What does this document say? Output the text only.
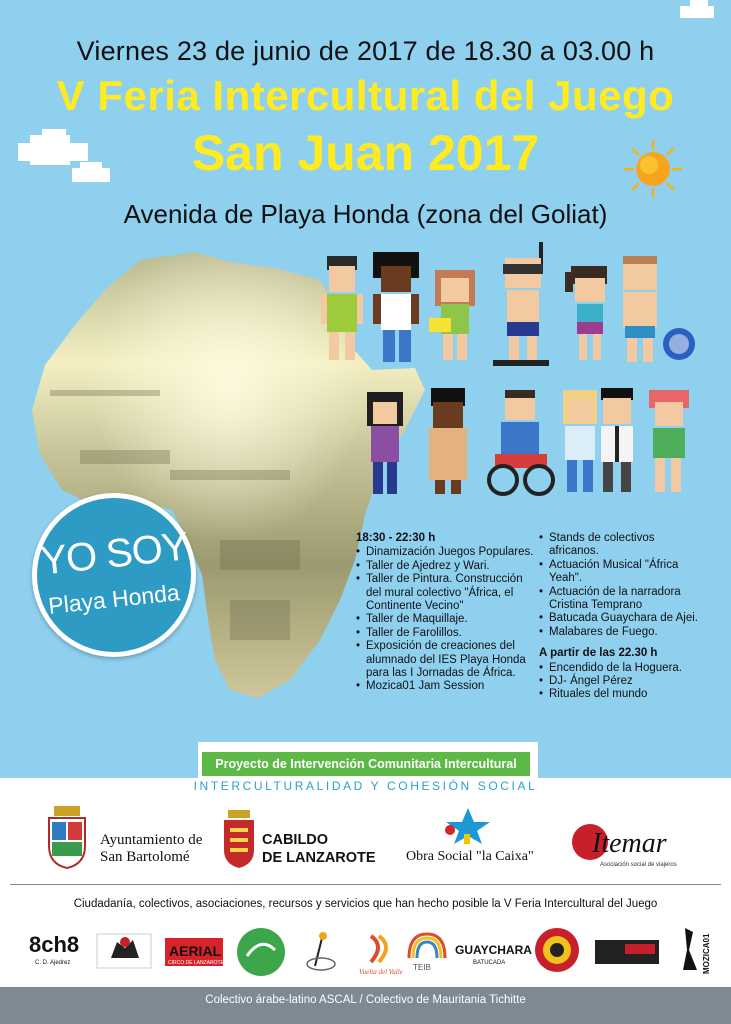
Viernes 23 de junio de 2017 de 18.30 a 03.00 h
V Feria Intercultural del Juego
San Juan 2017
Avenida de Playa Honda (zona del Goliat)
YO SOY
Playa Honda
18:30 - 22:30 h
• Dinamización Juegos Populares.
• Taller de Ajedrez y Wari.
• Taller de Pintura. Construcción del mural colectivo "África, el Continente Vecino"
• Taller de Maquillaje.
• Taller de Farolillos.
• Exposición de creaciones del alumnado del IES Playa Honda para las I Jornadas de África.
• Mozica01 Jam Session
• Stands de colectivos africanos.
• Actuación Musical "África Yeah".
• Actuación de la narradora Cristina Temprano
• Batucada Guaychara de Ajei.
• Malabares de Fuego.
A partir de las 22.30 h
• Encendido de la Hoguera.
• DJ- Ángel Pérez
• Rituales del mundo
Proyecto de Intervención Comunitaria Intercultural
INTERCULTURALIDAD Y COHESIÓN SOCIAL
Ayuntamiento de
San Bartolomé
CABILDO
DE LANZAROTE Obra Social "la Caixa" Itemar
Asociación social de viajeros
Ciudadanía, colectivos, asociaciones, recursos y servicios que han hecho posible la V Feria Intercultural del Juego
8ch8
C. D. Ajedrez
AERIAL
CIRCO DE LANZAROTE
Vuelta del Valle TEIB
GUAYCHARA
BATUCADA	MOZICA01
Colectivo árabe-latino ASCAL / Colectivo de Mauritania Tichitte
